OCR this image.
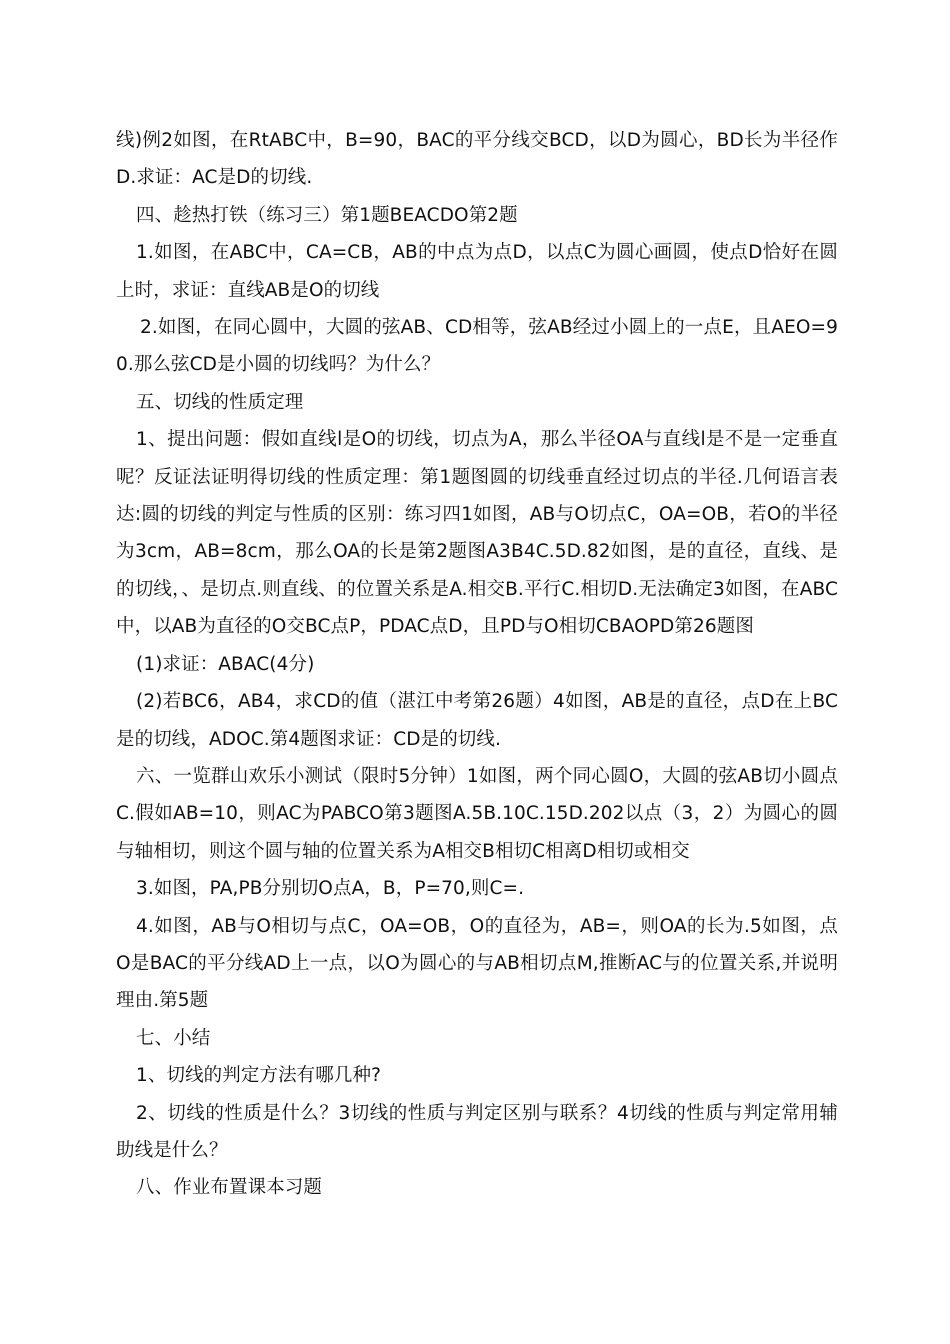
线)例2如图，在RtABC中，B=90，BAC的平分线交BCD，以D为圆心，BD长为半径作D.求证：AC是D的切线.

四、趁热打铁（练习三）第1题BEACDO第2题

1.如图，在ABC中，CA=CB，AB的中点为点D，以点C为圆心画圆，使点D恰好在圆上时，求证：直线AB是O的切线

2.如图，在同心圆中，大圆的弦AB、CD相等，弦AB经过小圆上的一点E，且AEO=90.那么弦CD是小圆的切线吗？为什么？

五、切线的性质定理

1、提出问题：假如直线l是O的切线，切点为A，那么半径OA与直线l是不是一定垂直呢？反证法证明得切线的性质定理：第1题图圆的切线垂直经过切点的半径.几何语言表达:圆的切线的判定与性质的区别：练习四1如图，AB与O切点C，OA=OB，若O的半径为3cm，AB=8cm，那么OA的长是第2题图A3B4C.5D.82如图，是的直径，直线、是的切线，、是切点.则直线、的位置关系是A.相交B.平行C.相切D.无法确定3如图，在ABC中，以AB为直径的O交BC点P，PDAC点D，且PD与O相切CBAOPD第26题图

(1)求证：ABAC(4分)

(2)若BC6，AB4，求CD的值（湛江中考第26题）4如图，AB是的直径，点D在上BC是的切线，ADOC.第4题图求证：CD是的切线.

六、一览群山欢乐小测试（限时5分钟）1如图，两个同心圆O，大圆的弦AB切小圆点C.假如AB=10，则AC为PABCO第3题图A.5B.10C.15D.202以点（3，2）为圆心的圆与轴相切，则这个圆与轴的位置关系为A相交B相切C相离D相切或相交

3.如图，PA,PB分别切O点A，B，P=70,则C=.

4.如图，AB与O相切与点C，OA=OB，O的直径为，AB=，则OA的长为.5如图，点O是BAC的平分线AD上一点，以O为圆心的与AB相切点M,推断AC与的位置关系,并说明理由.第5题

七、小结

1、切线的判定方法有哪几种?

2、切线的性质是什么？3切线的性质与判定区别与联系？4切线的性质与判定常用辅助线是什么？

八、作业布置课本习题
